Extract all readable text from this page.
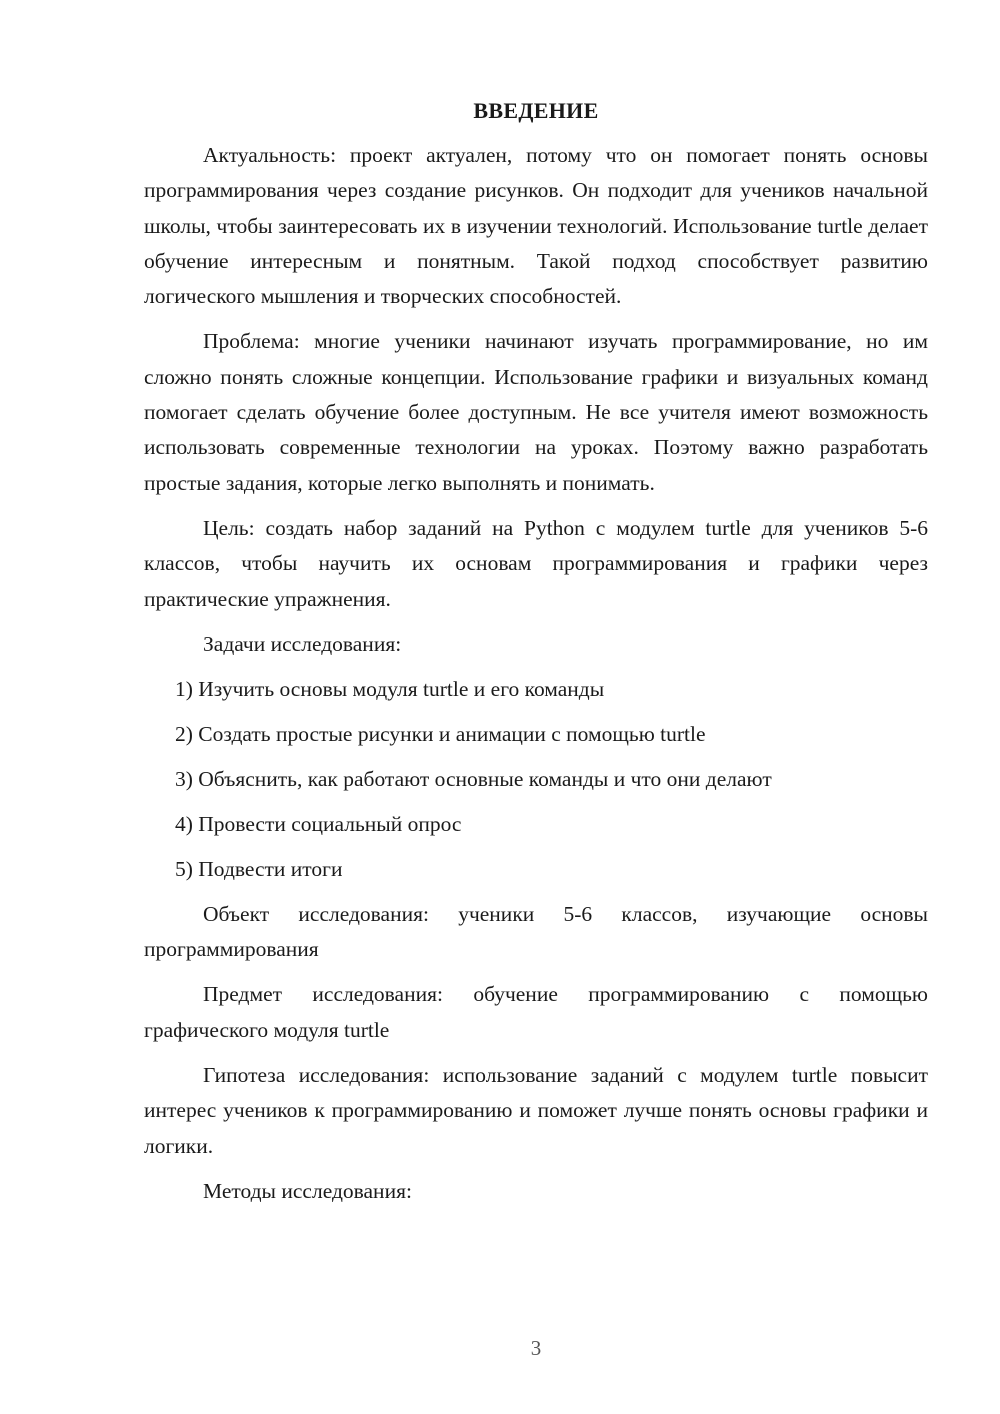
ВВЕДЕНИЕ

Актуальность: проект актуален, потому что он помогает понять основы программирования через создание рисунков. Он подходит для учеников начальной школы, чтобы заинтересовать их в изучении технологий. Использование turtle делает обучение интересным и понятным. Такой подход способствует развитию логического мышления и творческих способностей.

Проблема: многие ученики начинают изучать программирование, но им сложно понять сложные концепции. Использование графики и визуальных команд помогает сделать обучение более доступным. Не все учителя имеют возможность использовать современные технологии на уроках. Поэтому важно разработать простые задания, которые легко выполнять и понимать.

Цель: создать набор заданий на Python с модулем turtle для учеников 5-6 классов, чтобы научить их основам программирования и графики через практические упражнения.

Задачи исследования:

1) Изучить основы модуля turtle и его команды
2) Создать простые рисунки и анимации с помощью turtle
3) Объяснить, как работают основные команды и что они делают
4) Провести социальный опрос
5) Подвести итоги

Объект исследования: ученики 5-6 классов, изучающие основы программирования

Предмет исследования: обучение программированию с помощью графического модуля turtle

Гипотеза исследования: использование заданий с модулем turtle повысит интерес учеников к программированию и поможет лучше понять основы графики и логики.

Методы исследования:

3
